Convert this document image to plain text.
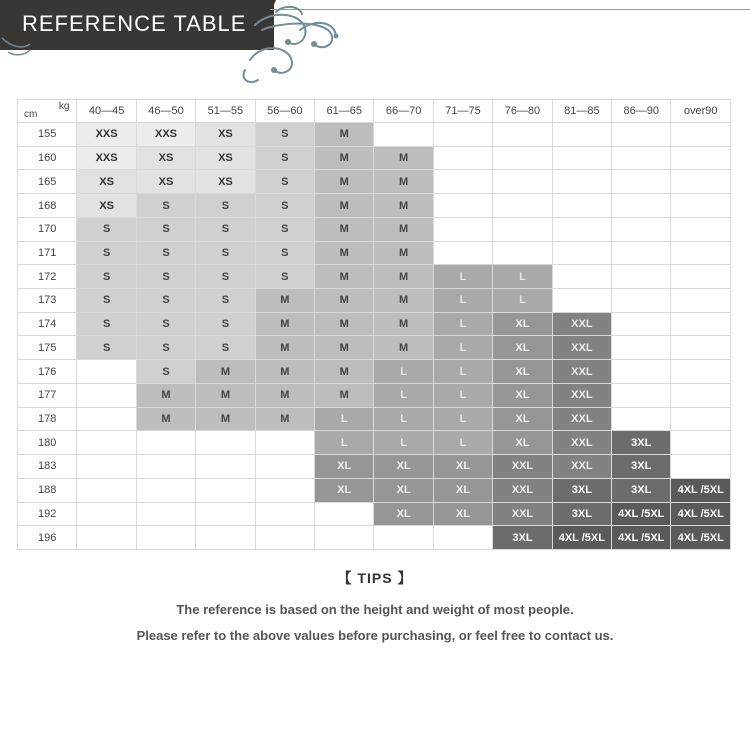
REFERENCE TABLE
kg
cm	40—45	46—50	51—55	56—60	61—65	66—70	71—75	76—80	81—85	86—90	over90
155	XXS	XXS	XS	S	M						
160	XXS	XS	XS	S	M	M					
165	XS	XS	XS	S	M	M					
168	XS	S	S	S	M	M					
170	S	S	S	S	M	M					
171	S	S	S	S	M	M					
172	S	S	S	S	M	M	L	L			
173	S	S	S	M	M	M	L	L			
174	S	S	S	M	M	M	L	XL	XXL		
175	S	S	S	M	M	M	L	XL	XXL		
176		S	M	M	M	L	L	XL	XXL		
177		M	M	M	M	L	L	XL	XXL		
178		M	M	M	L	L	L	XL	XXL		
180					L	L	L	XL	XXL	3XL	
183					XL	XL	XL	XXL	XXL	3XL	
188					XL	XL	XL	XXL	3XL	3XL	4XL /5XL
192						XL	XL	XXL	3XL	4XL /5XL	4XL /5XL
196								3XL	4XL /5XL	4XL /5XL	4XL /5XL
【 TIPS 】
The reference is based on the height and weight of most people.
Please refer to the above values before purchasing, or feel free to contact us.
